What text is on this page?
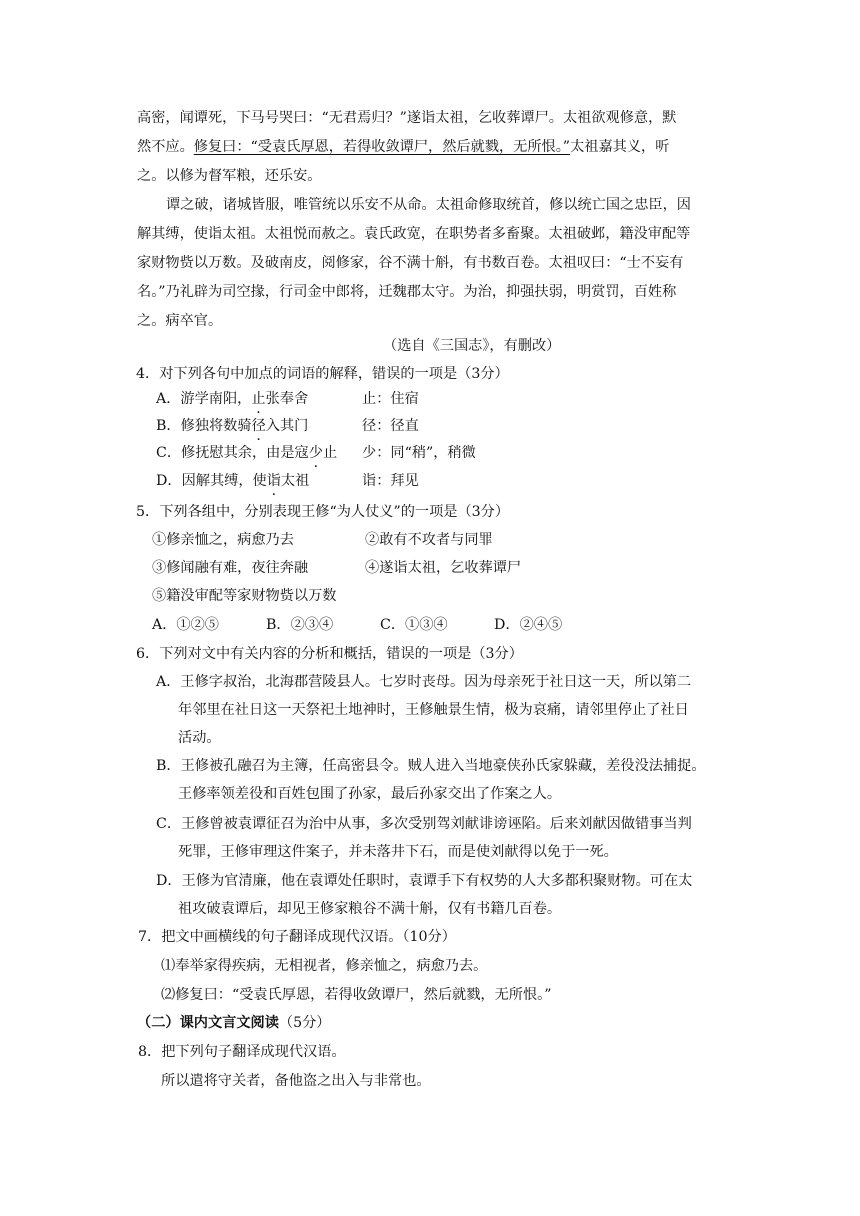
高密，闻谭死，下马号哭曰：“无君焉归？”遂诣太祖，乞收葬谭尸。太祖欲观修意，默
然不应。修复曰：“受袁氏厚恩，若得收敛谭尸，然后就戮，无所恨。”太祖嘉其义，听
之。以修为督军粮，还乐安。
谭之破，诸城皆服，唯管统以乐安不从命。太祖命修取统首，修以统亡国之忠臣，因
解其缚，使诣太祖。太祖悦而赦之。袁氏政宽，在职势者多畜聚。太祖破邺，籍没审配等
家财物赀以万数。及破南皮，阅修家，谷不满十斛，有书数百卷。太祖叹曰：“士不妄有
名。”乃礼辟为司空掾，行司金中郎将，迁魏郡太守。为治，抑强扶弱，明赏罚，百姓称
之。病卒官。
（选自《三国志》，有删改）
4．对下列各句中加点的词语的解释，错误的一项是（3分）
A．游学南阳，止张奉舍	止：住宿
B．修独将数骑径入其门	径：径直
C．修抚慰其余，由是寇少止 少：同“稍”，稍微
D．因解其缚，使诣太祖	诣：拜见
5．下列各组中，分别表现王修“为人仗义”的一项是（3分）
①修亲恤之，病愈乃去	②敢有不攻者与同罪
③修闻融有难，夜往奔融	④遂诣太祖，乞收葬谭尸
⑤籍没审配等家财物赀以万数
A．①②⑤	B．②③④	C．①③④	D．②④⑤
6．下列对文中有关内容的分析和概括，错误的一项是（3分）
A．王修字叔治，北海郡营陵县人。七岁时丧母。因为母亲死于社日这一天，所以第二
年邻里在社日这一天祭祀土地神时，王修触景生情，极为哀痛，请邻里停止了社日
活动。
B．王修被孔融召为主簿，任高密县令。贼人进入当地豪侠孙氏家躲藏，差役没法捕捉。
王修率领差役和百姓包围了孙家，最后孙家交出了作案之人。
C．王修曾被袁谭征召为治中从事，多次受别驾刘献诽谤诬陷。后来刘献因做错事当判
死罪，王修审理这件案子，并未落井下石，而是使刘献得以免于一死。
D．王修为官清廉，他在袁谭处任职时，袁谭手下有权势的人大多都积聚财物。可在太
祖攻破袁谭后，却见王修家粮谷不满十斛，仅有书籍几百卷。
7．把文中画横线的句子翻译成现代汉语。（10分）
⑴奉举家得疾病，无相视者，修亲恤之，病愈乃去。
⑵修复曰：“受袁氏厚恩，若得收敛谭尸，然后就戮，无所恨。”
（二）课内文言文阅读（5分）
8．把下列句子翻译成现代汉语。
所以遣将守关者，备他盗之出入与非常也。
